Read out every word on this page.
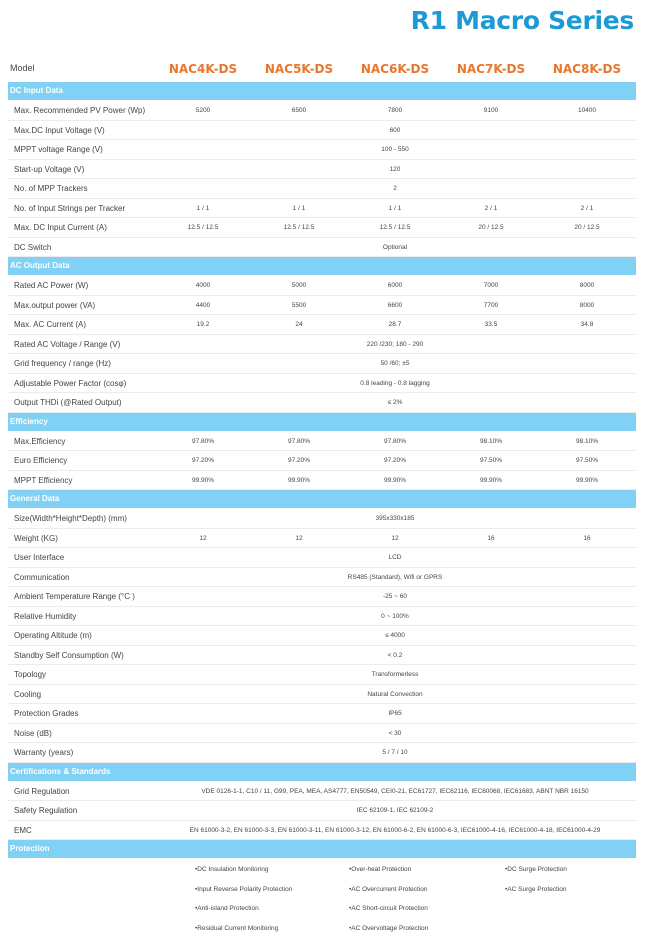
R1 Macro Series
DC Input Data
Max. Recommended PV Power (Wp)	5200	6500	7800	9100	10400
Max.DC Input Voltage (V)	600
MPPT voltage Range (V)	100 - 550
Start-up Voltage (V)	120
No. of MPP Trackers	2
No. of Input Strings per Tracker	1 / 1	1 / 1	1 / 1	2 / 1	2 / 1
Max. DC Input Current (A)	12.5 / 12.5	12.5 / 12.5	12.5 / 12.5	20 / 12.5	20 / 12.5
DC Switch	Optional
AC Output Data
Rated AC Power (W)	4000	5000	6000	7000	8000
Max.output power (VA)	4400	5500	6600	7700	8000
Max. AC Current (A)	19.2	24	28.7	33.5	34.8
Rated AC Voltage / Range (V)	220 /230; 180 - 290
Grid frequency / range (Hz)	50 /60; ±5
Adjustable Power Factor (cosφ)	0.8 leading - 0.8 lagging
Output THDi (@Rated Output)	≤ 2%
Efficiency
Max.Efficiency	97.80%	97.80%	97.80%	98.10%	98.10%
Euro Efficiency	97.20%	97.20%	97.20%	97.50%	97.50%
MPPT Efficiency	99.90%	99.90%	99.90%	99.90%	99.90%
General Data
Size(Width*Height*Depth) (mm)	395x330x185
Weight (KG)	12	12	12	16	16
User Interface	LCD
Communication	RS485 (Standard), Wifi or GPRS
Ambient Temperature Range (°C )	-25 ~ 60
Relative Humidity	0 ~ 100%
Operating Altitude (m)	≤ 4000
Standby Self Consumption (W)	< 0.2
Topology	Transformerless
Cooling	Natural Convection
Protection Grades	IP65
Noise (dB)	< 30
Warranty (years)	5 / 7 / 10
Certifications & Standards
Grid Regulation	VDE 0126-1-1, C10 / 11, G99, PEA, MEA, AS4777, EN50549, CEI0-21, EC61727, IEC62116, IEC60068, IEC61683, ABNT NBR 16150
Safety Regulation	IEC 62109-1, IEC 62109-2
EMC	EN 61000-3-2, EN 61000-3-3, EN 61000-3-11, EN 61000-3-12, EN 61000-6-2, EN 61000-6-3, IEC61000-4-16, IEC61000-4-18, IEC61000-4-29
Protection
• DC Insulation Monitoring	• Over-heat Protection	• DC Surge Protection
• Input Reverse Polarity Protection	• AC Overcurrent Protection	• AC Surge Protection
• Anti-island Protection	• AC Short-circuit Protection
• Residual Current Monitoring	• AC Overvoltage Protection
Model	NAC4K-DS NAC5K-DS NAC6K-DS NAC7K-DS NAC8K-DS
